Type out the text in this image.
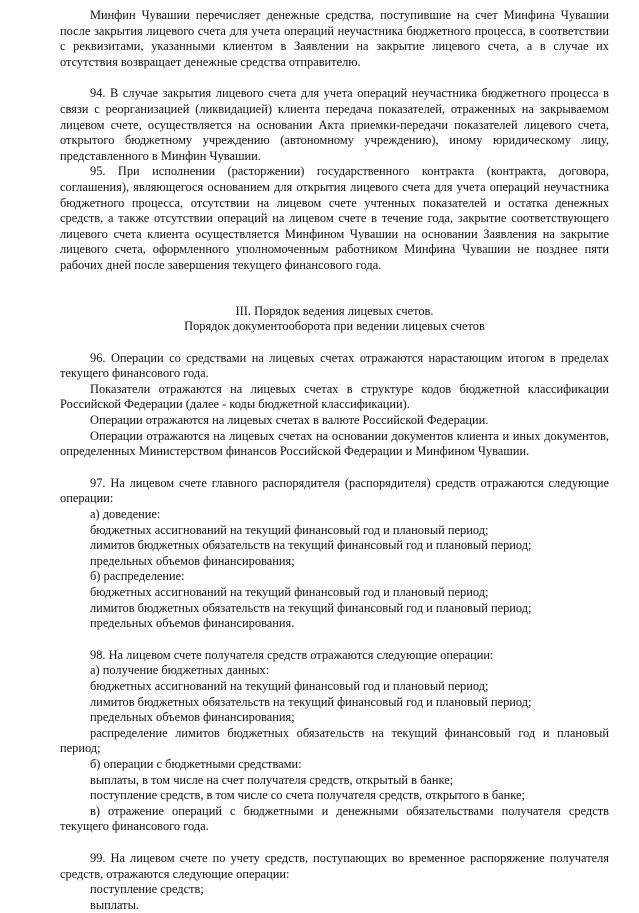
Минфин Чувашии перечисляет денежные средства, поступившие на счет Минфина Чувашии после закрытия лицевого счета для учета операций неучастника бюджетного процесса, в соответствии с реквизитами, указанными клиентом в Заявлении на закрытие лицевого счета, а в случае их отсутствия возвращает денежные средства отправителю.

94. В случае закрытия лицевого счета для учета операций неучастника бюджетного процесса в связи с реорганизацией (ликвидацией) клиента передача показателей, отраженных на закрываемом лицевом счете, осуществляется на основании Акта приемки-передачи показателей лицевого счета, открытого бюджетному учреждению (автономному учреждению), иному юридическому лицу, представленного в Минфин Чувашии.

95. При исполнении (расторжении) государственного контракта (контракта, договора, соглашения), являющегося основанием для открытия лицевого счета для учета операций неучастника бюджетного процесса, отсутствии на лицевом счете учтенных показателей и остатка денежных средств, а также отсутствии операций на лицевом счете в течение года, закрытие соответствующего лицевого счета клиента осуществляется Минфином Чувашии на основании Заявления на закрытие лицевого счета, оформленного уполномоченным работником Минфина Чувашии не позднее пяти рабочих дней после завершения текущего финансового года.

III. Порядок ведения лицевых счетов.

Порядок документооборота при ведении лицевых счетов

96. Операции со средствами на лицевых счетах отражаются нарастающим итогом в пределах текущего финансового года.

Показатели отражаются на лицевых счетах в структуре кодов бюджетной классификации Российской Федерации (далее - коды бюджетной классификации).

Операции отражаются на лицевых счетах в валюте Российской Федерации.

Операции отражаются на лицевых счетах на основании документов клиента и иных документов, определенных Министерством финансов Российской Федерации и Минфином Чувашии.

97. На лицевом счете главного распорядителя (распорядителя) средств отражаются следующие операции:

а) доведение:

бюджетных ассигнований на текущий финансовый год и плановый период;

лимитов бюджетных обязательств на текущий финансовый год и плановый период;

предельных объемов финансирования;

б) распределение:

бюджетных ассигнований на текущий финансовый год и плановый период;

лимитов бюджетных обязательств на текущий финансовый год и плановый период;

предельных объемов финансирования.

98. На лицевом счете получателя средств отражаются следующие операции:

а) получение бюджетных данных:

бюджетных ассигнований на текущий финансовый год и плановый период;

лимитов бюджетных обязательств на текущий финансовый год и плановый период;

предельных объемов финансирования;

распределение лимитов бюджетных обязательств на текущий финансовый год и плановый период;

б) операции с бюджетными средствами:

выплаты, в том числе на счет получателя средств, открытый в банке;

поступление средств, в том числе со счета получателя средств, открытого в банке;

в) отражение операций с бюджетными и денежными обязательствами получателя средств текущего финансового года.

99. На лицевом счете по учету средств, поступающих во временное распоряжение получателя средств, отражаются следующие операции:

поступление средств;

выплаты.
